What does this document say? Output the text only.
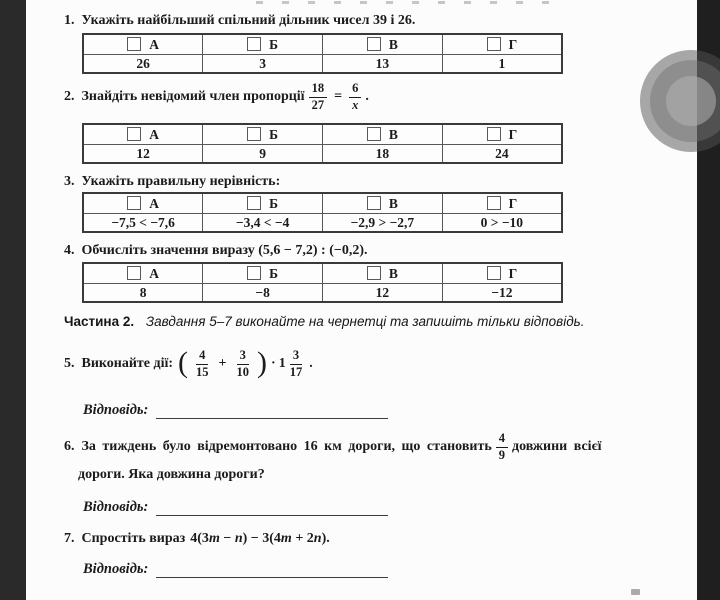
1. Укажіть найбільший спільний дільник чисел 39 і 26.
А	Б	В	Г
26	3	13	1
2. Знайдіть невідомий член пропорції $\frac{18}{27} = \frac{6}{x}$ .
А	Б	В	Г
12	9	18	24
3. Укажіть правильну нерівність:
А	Б	В	Г
−7,5 < −7,6	−3,4 < −4	−2,9 > −2,7	0 > −10
4. Обчисліть значення виразу (5,6 − 7,2) : (−0,2).
А	Б	В	Г
8	−8	12	−12
Частина 2. Завдання 5–7 виконайте на чернетці та запишіть тільки відповідь.
5. Виконайте дії: ( $\frac{4}{15} + \frac{3}{10}$ ) · $1 \frac{3}{17}$ .
Відповідь:
6. За тиждень було відремонтовано 16 км дороги, що становить $\frac{4}{9}$ довжини всієї
дороги. Яка довжина дороги?
Відповідь:
7. Спростіть вираз 4(3m − n) − 3(4m + 2n).
Відповідь:
